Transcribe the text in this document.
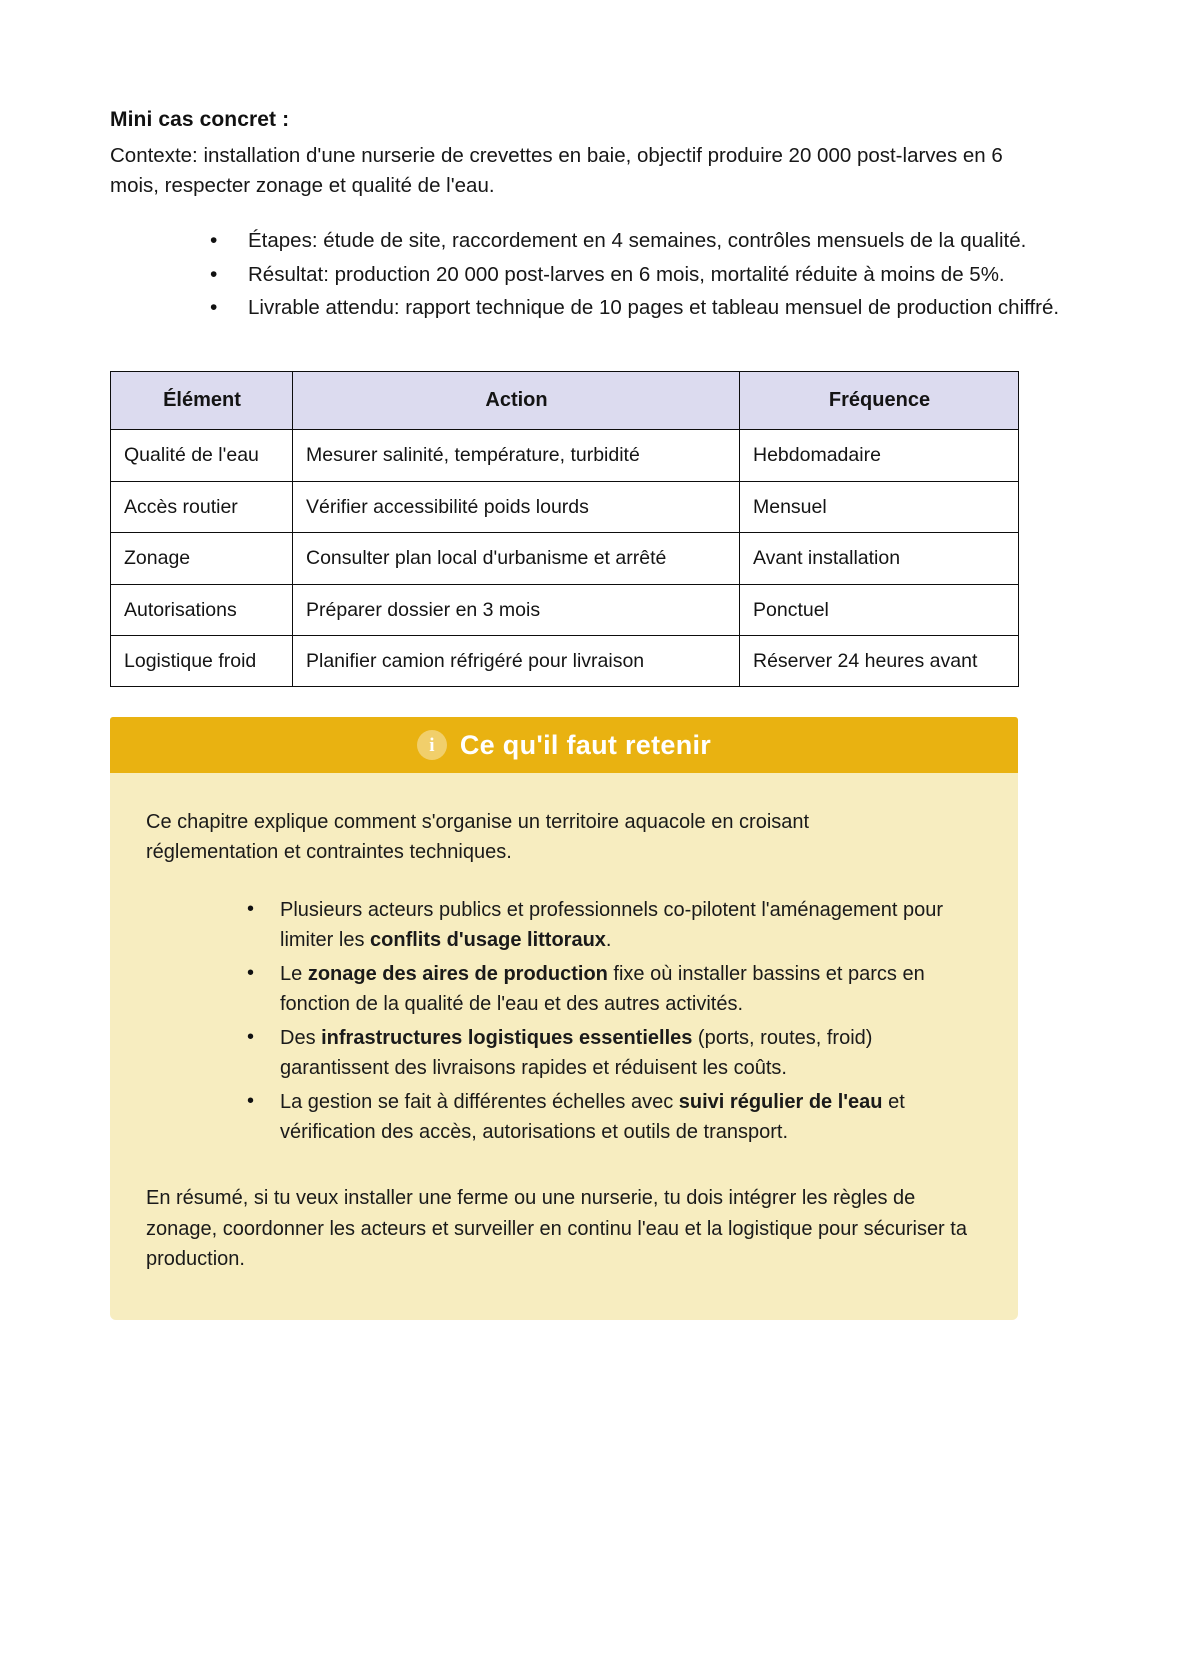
Mini cas concret :

Contexte: installation d'une nurserie de crevettes en baie, objectif produire 20 000 post-larves en 6 mois, respecter zonage et qualité de l'eau.

• Étapes: étude de site, raccordement en 4 semaines, contrôles mensuels de la qualité.
• Résultat: production 20 000 post-larves en 6 mois, mortalité réduite à moins de 5%.
• Livrable attendu: rapport technique de 10 pages et tableau mensuel de production chiffré.
Élément	Action	Fréquence
Qualité de l'eau	Mesurer salinité, température, turbidité	Hebdomadaire
Accès routier	Vérifier accessibilité poids lourds	Mensuel
Zonage	Consulter plan local d'urbanisme et arrêté	Avant installation
Autorisations	Préparer dossier en 3 mois	Ponctuel
Logistique froid	Planifier camion réfrigéré pour livraison	Réserver 24 heures avant
i Ce qu'il faut retenir

Ce chapitre explique comment s'organise un territoire aquacole en croisant réglementation et contraintes techniques.

• Plusieurs acteurs publics et professionnels co-pilotent l'aménagement pour limiter les conflits d'usage littoraux.
• Le zonage des aires de production fixe où installer bassins et parcs en fonction de la qualité de l'eau et des autres activités.
• Des infrastructures logistiques essentielles (ports, routes, froid) garantissent des livraisons rapides et réduisent les coûts.
• La gestion se fait à différentes échelles avec suivi régulier de l'eau et vérification des accès, autorisations et outils de transport.

En résumé, si tu veux installer une ferme ou une nurserie, tu dois intégrer les règles de zonage, coordonner les acteurs et surveiller en continu l'eau et la logistique pour sécuriser ta production.
